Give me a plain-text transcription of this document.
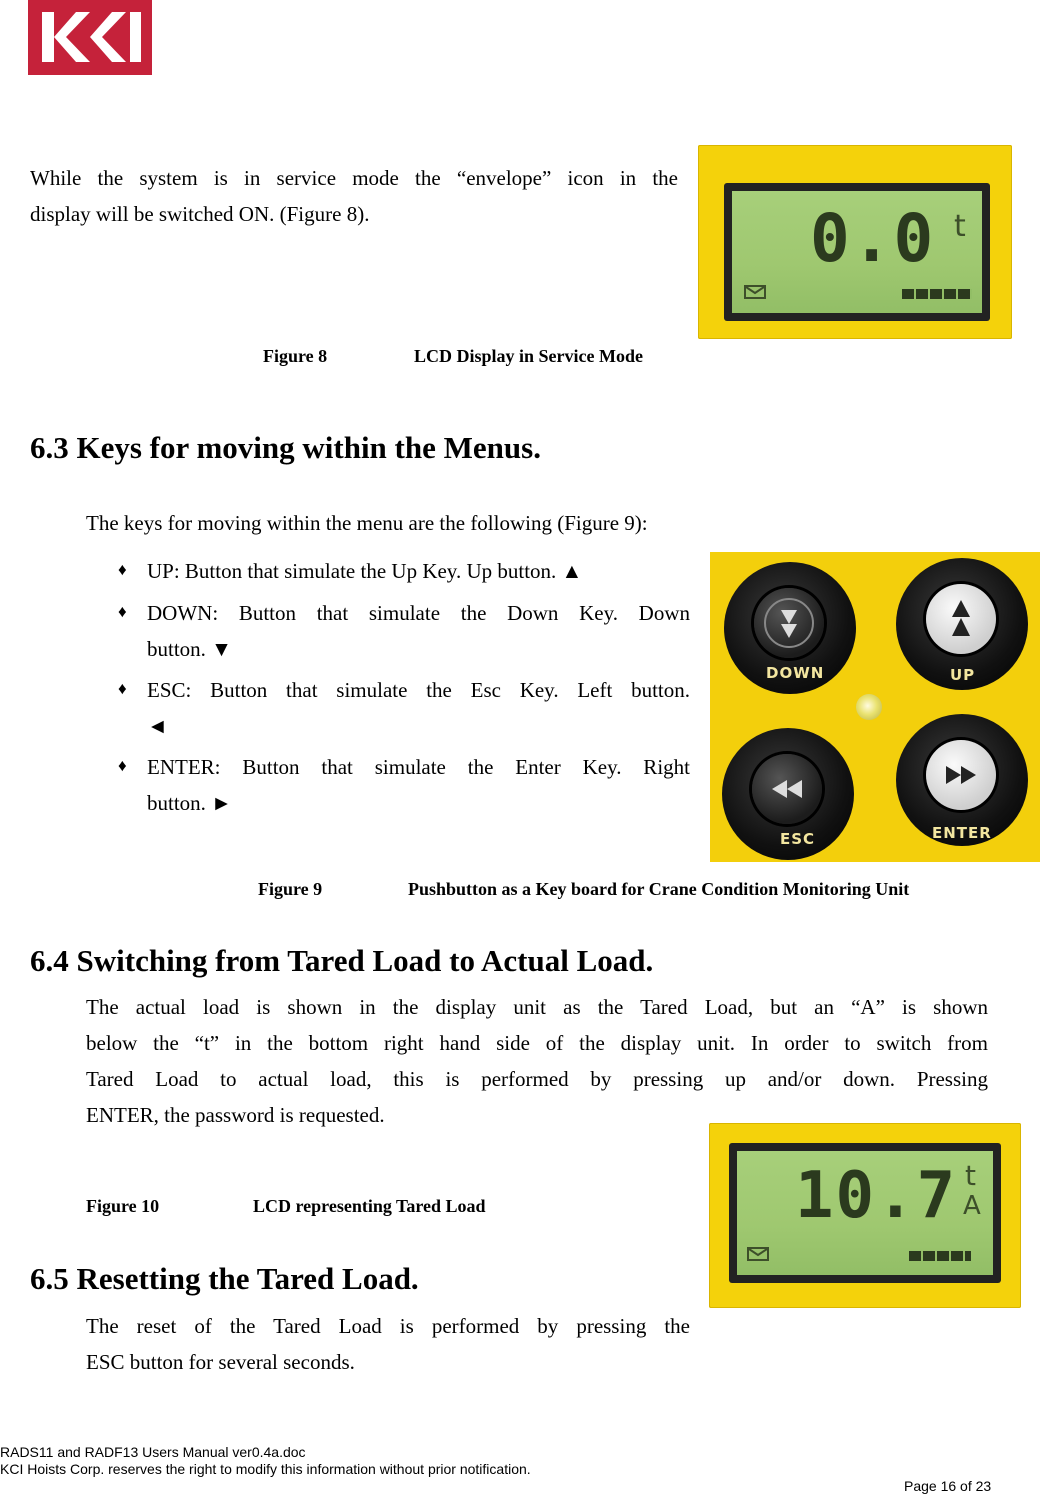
While the system is in service mode the “envelope” icon in the
display will be switched ON. (Figure 8).	0.0 t
Figure 8	LCD Display in Service Mode
6.3 Keys for moving within the Menus.
The keys for moving within the menu are the following (Figure 9):
♦ UP: Button that simulate the Up Key. Up button. ▲
♦ DOWN: Button that simulate the Down Key. Down
button. ▼
♦ ESC: Button that simulate the Esc Key. Left button.
◄
♦ ENTER: Button that simulate the Enter Key. Right
button. ►
DOWN	UP
ESC	ENTER
Figure 9	Pushbutton as a Key board for Crane Condition Monitoring Unit
6.4 Switching from Tared Load to Actual Load.
The actual load is shown in the display unit as the Tared Load, but an “A” is shown
below the “t” in the bottom right hand side of the display unit. In order to switch from
Tared Load to actual load, this is performed by pressing up and/or down. Pressing
ENTER, the password is requested.
10.7 t
A
Figure 10	LCD representing Tared Load
6.5 Resetting the Tared Load.
The reset of the Tared Load is performed by pressing the
ESC button for several seconds.
RADS11 and RADF13 Users Manual ver0.4a.doc
KCI Hoists Corp. reserves the right to modify this information without prior notification.
Page 16 of 23
